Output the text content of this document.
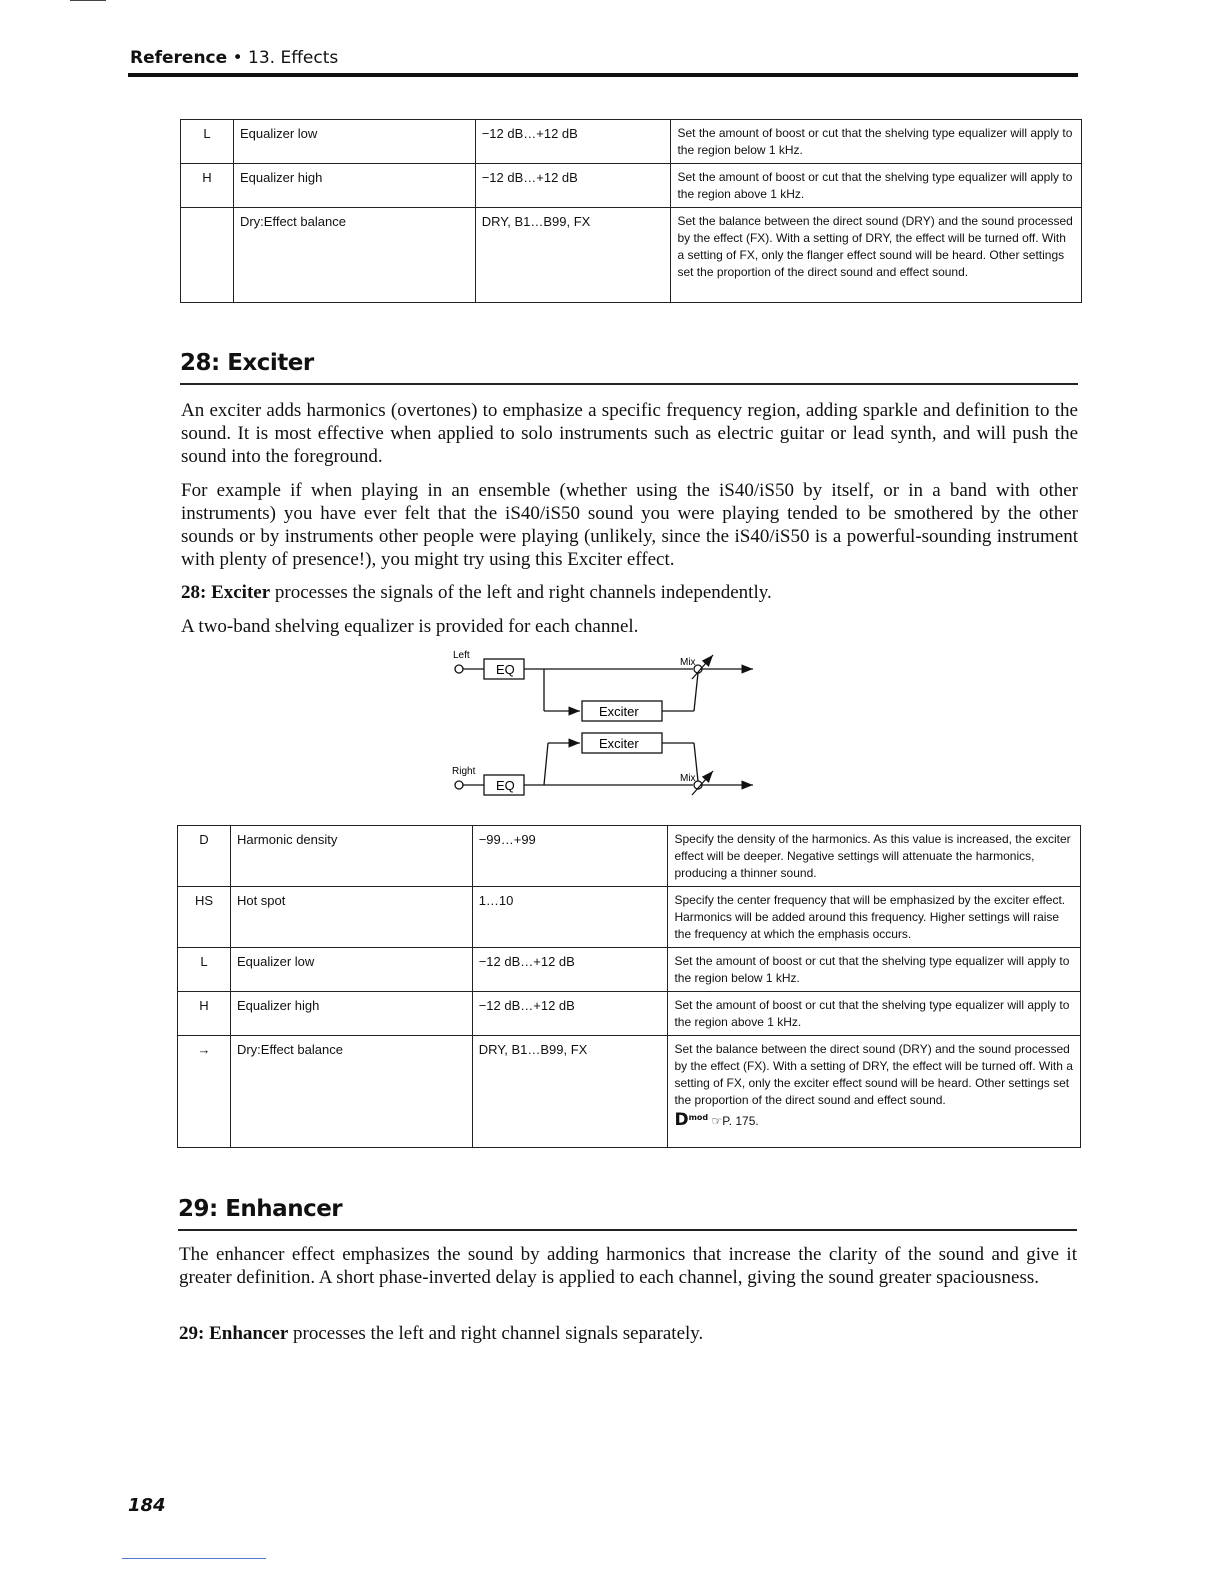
Reference • 13. Effects
L	Equalizer low	−12 dB…+12 dB	Set the amount of boost or cut that the shelving type equalizer will apply to the region below 1 kHz.
H	Equalizer high	−12 dB…+12 dB	Set the amount of boost or cut that the shelving type equalizer will apply to the region above 1 kHz.
	Dry:Effect balance	DRY, B1…B99, FX	Set the balance between the direct sound (DRY) and the sound processed by the effect (FX). With a setting of DRY, the effect will be turned off. With a setting of FX, only the flanger effect sound will be heard. Other settings set the proportion of the direct sound and effect sound.
28: Exciter
An exciter adds harmonics (overtones) to emphasize a specific frequency region, adding sparkle and definition to the sound. It is most effective when applied to solo instruments such as electric guitar or lead synth, and will push the sound into the foreground.
For example if when playing in an ensemble (whether using the iS40/iS50 by itself, or in a band with other instruments) you have ever felt that the iS40/iS50 sound you were playing tended to be smothered by the other sounds or by instruments other people were playing (unlikely, since the iS40/iS50 is a powerful-sounding instrument with plenty of presence!), you might try using this Exciter effect.
28: Exciter processes the signals of the left and right channels independently.
A two-band shelving equalizer is provided for each channel.
Left
Right
EQ
EQ
Exciter
Exciter
Mix
Mix
D	Harmonic density	−99…+99	Specify the density of the harmonics. As this value is increased, the exciter effect will be deeper. Negative settings will attenuate the harmonics, producing a thinner sound.
HS	Hot spot	1…10	Specify the center frequency that will be emphasized by the exciter effect. Harmonics will be added around this frequency. Higher settings will raise the frequency at which the emphasis occurs.
L	Equalizer low	−12 dB…+12 dB	Set the amount of boost or cut that the shelving type equalizer will apply to the region below 1 kHz.
H	Equalizer high	−12 dB…+12 dB	Set the amount of boost or cut that the shelving type equalizer will apply to the region above 1 kHz.
→	Dry:Effect balance	DRY, B1…B99, FX	Set the balance between the direct sound (DRY) and the sound processed by the effect (FX). With a setting of DRY, the effect will be turned off. With a setting of FX, only the exciter effect sound will be heard. Other settings set the proportion of the direct sound and effect sound.
$D^{mod}$ ☞P. 175.
29: Enhancer
The enhancer effect emphasizes the sound by adding harmonics that increase the clarity of the sound and give it greater definition. A short phase-inverted delay is applied to each channel, giving the sound greater spaciousness.
29: Enhancer processes the left and right channel signals separately.
184
